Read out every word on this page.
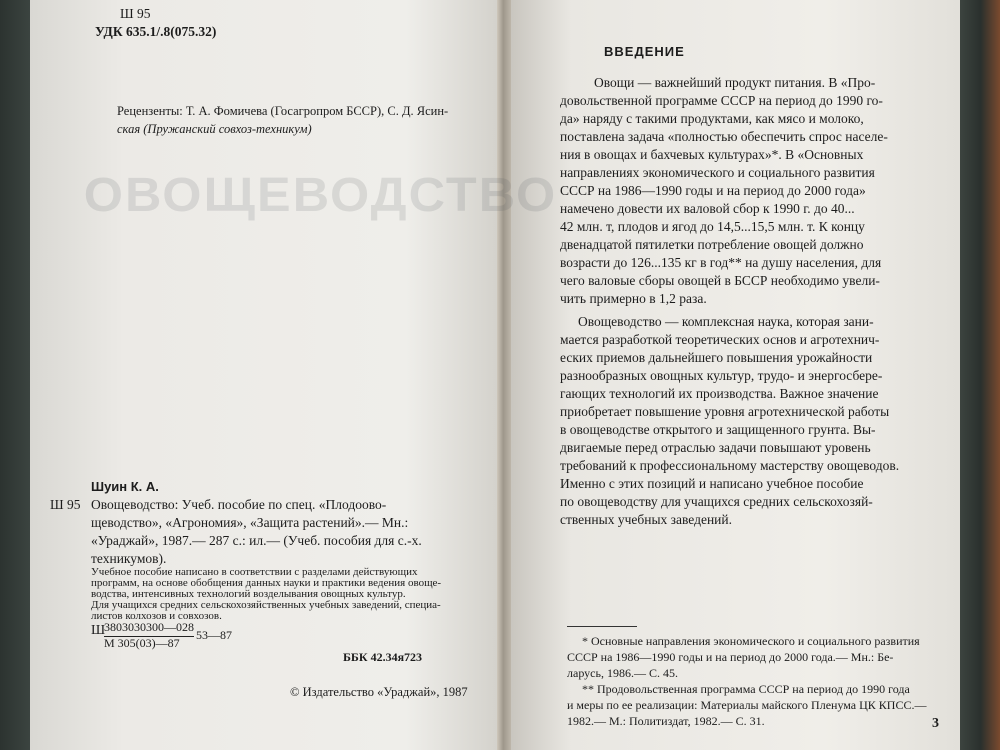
Ш 95
УДК 635.1/.8(075.32)
Рецензенты: Т. А. Фомичева (Госагропром БССР), С. Д. Ясин-
ская (Пружанский совхоз-техникум)
Шуин К. А.
Ш 95 Овощеводство: Учеб. пособие по спец. «Плодоово-
щеводство», «Агрономия», «Защита растений».— Мн.:
«Ураджай», 1987.— 287 с.: ил.— (Учеб. пособия для с.-х.
техникумов).
Учебное пособие написано в соответствии с разделами действующих
программ, на основе обобщения данных науки и практики ведения овоще-
водства, интенсивных технологий возделывания овощных культур.
Для учащихся средних сельскохозяйственных учебных заведений, специа-
листов колхозов и совхозов.
Ш
3803030300—028
М 305(03)—87
53—87
ББК 42.34я723
© Издательство «Ураджай», 1987
ВВЕДЕНИЕ
Овощи — важнейший продукт питания. В «Про-
довольственной программе СССР на период до 1990 го-
да» наряду с такими продуктами, как мясо и молоко,
поставлена задача «полностью обеспечить спрос населе-
ния в овощах и бахчевых культурах»*. В «Основных
направлениях экономического и социального развития
СССР на 1986—1990 годы и на период до 2000 года»
намечено довести их валовой сбор к 1990 г. до 40...
42 млн. т, плодов и ягод до 14,5...15,5 млн. т. К концу
двенадцатой пятилетки потребление овощей должно
возрасти до 126...135 кг в год** на душу населения, для
чего валовые сборы овощей в БССР необходимо увели-
чить примерно в 1,2 раза.
Овощеводство — комплексная наука, которая зани-
мается разработкой теоретических основ и агротехнич-
еских приемов дальнейшего повышения урожайности
разнообразных овощных культур, трудо- и энергосбере-
гающих технологий их производства. Важное значение
приобретает повышение уровня агротехнической работы
в овощеводстве открытого и защищенного грунта. Вы-
двигаемые перед отраслью задачи повышают уровень
требований к профессиональному мастерству овощеводов.
Именно с этих позиций и написано учебное пособие
по овощеводству для учащихся средних сельскохозяй-
ственных учебных заведений.
* Основные направления экономического и социального развития
СССР на 1986—1990 годы и на период до 2000 года.— Мн.: Бе-
ларусь, 1986.— С. 45.
** Продовольственная программа СССР на период до 1990 года
и меры по ее реализации: Материалы майского Пленума ЦК КПСС.—
1982.— М.: Политиздат, 1982.— С. 31.	3
